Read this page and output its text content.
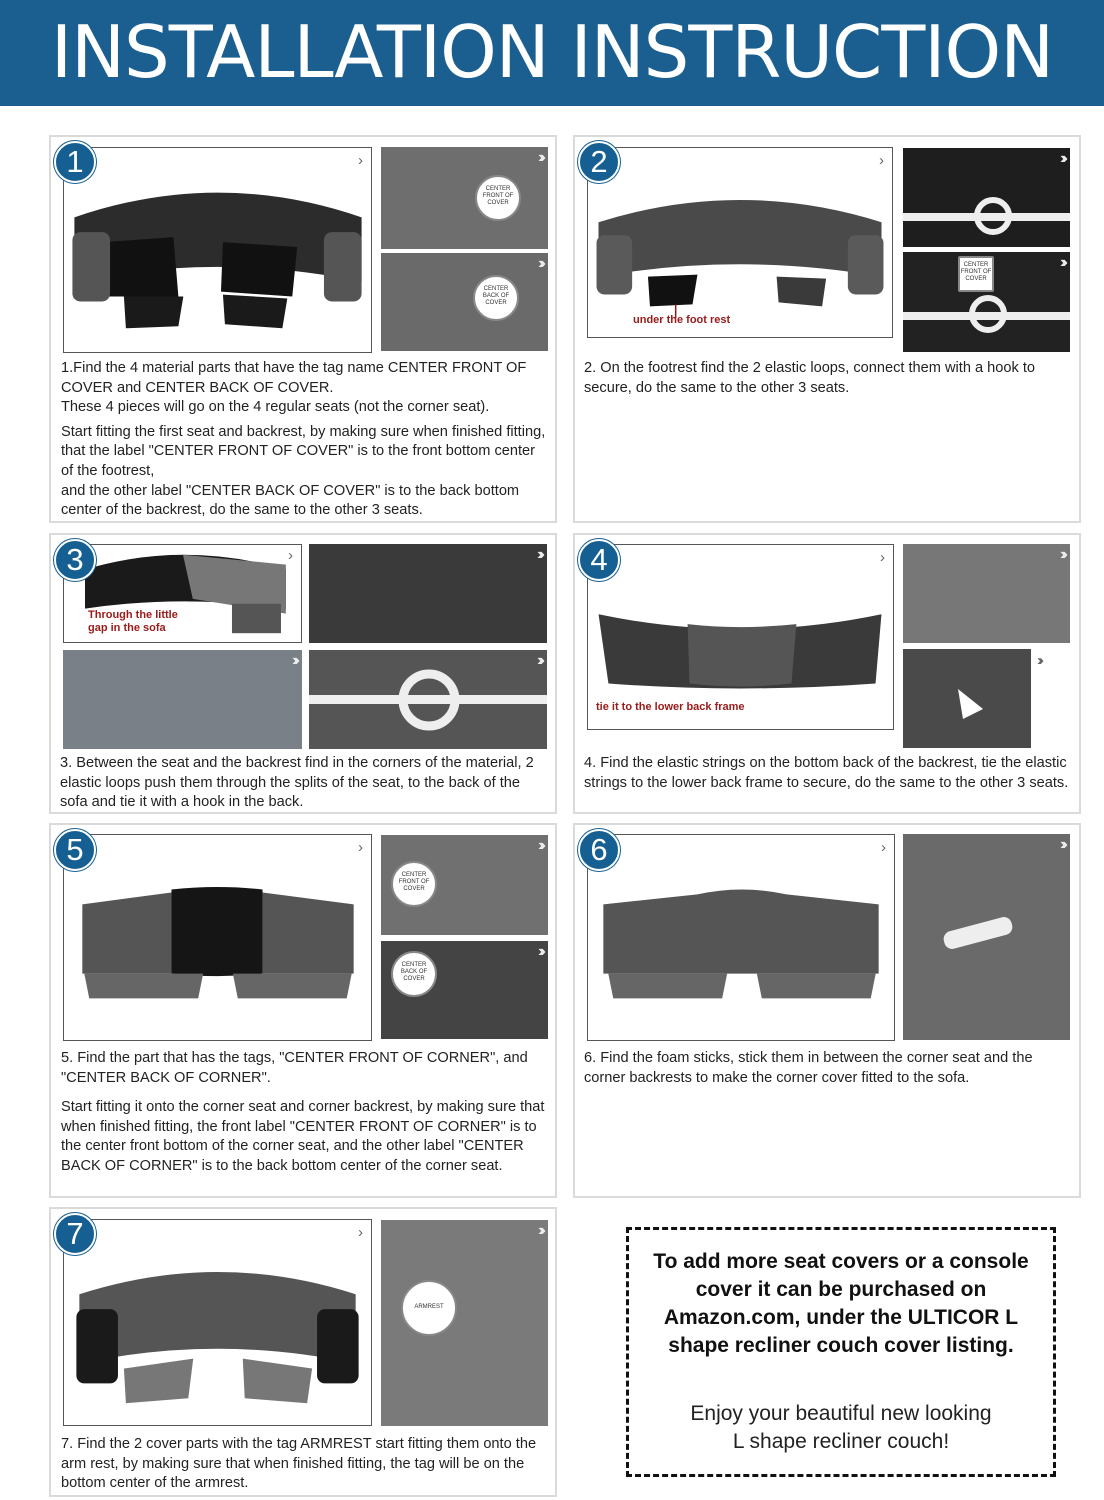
INSTALLATION INSTRUCTION
1	›	›››
CENTER FRONT OF COVER
›››
CENTER BACK OF COVER

1.Find the 4 material parts that have the tag name CENTER FRONT OF COVER and CENTER BACK OF COVER.

These 4 pieces will go on the 4 regular seats (not the corner seat).

Start fitting the first seat and backrest, by making sure when finished fitting, that the label "CENTER FRONT OF COVER" is to the front bottom center of the footrest,

and the other label "CENTER BACK OF COVER" is to the back bottom center of the backrest, do the same to the other 3 seats.

2	›
under the foot rest
›››
›››
CENTER FRONT OF COVER

2. On the footrest find the 2 elastic loops, connect them with a hook to secure, do the same to the other 3 seats.

3	›
Through the little gap in the sofa
›››
›››	›››

3. Between the seat and the backrest find in the corners of the material, 2 elastic loops push them through the splits of the seat, to the back of the sofa and tie it with a hook in the back.

4	›
tie it to the lower back frame
›››
›››

4. Find the elastic strings on the bottom back of the backrest, tie the elastic strings to the lower back frame to secure, do the same to the other 3 seats.

5	›	›››
CENTER FRONT OF COVER
›››
CENTER BACK OF COVER

5. Find the part that has the tags, "CENTER FRONT OF CORNER", and "CENTER BACK OF CORNER".

Start fitting it onto the corner seat and corner backrest, by making sure that when finished fitting, the front label "CENTER FRONT OF CORNER" is to the center front bottom of the corner seat, and the other label "CENTER BACK OF CORNER" is to the back bottom center of the corner seat.

6	›	›››

6. Find the foam sticks, stick them in between the corner seat and the corner backrests to make the corner cover fitted to the sofa.

7	›	›››
ARMREST

7. Find the 2 cover parts with the tag ARMREST start fitting them onto the arm rest, by making sure that when finished fitting, the tag will be on the bottom center of the armrest.

To add more seat covers or a console cover it can be purchased on Amazon.com, under the ULTICOR L shape recliner couch cover listing.
Enjoy your beautiful new looking L shape recliner couch!
